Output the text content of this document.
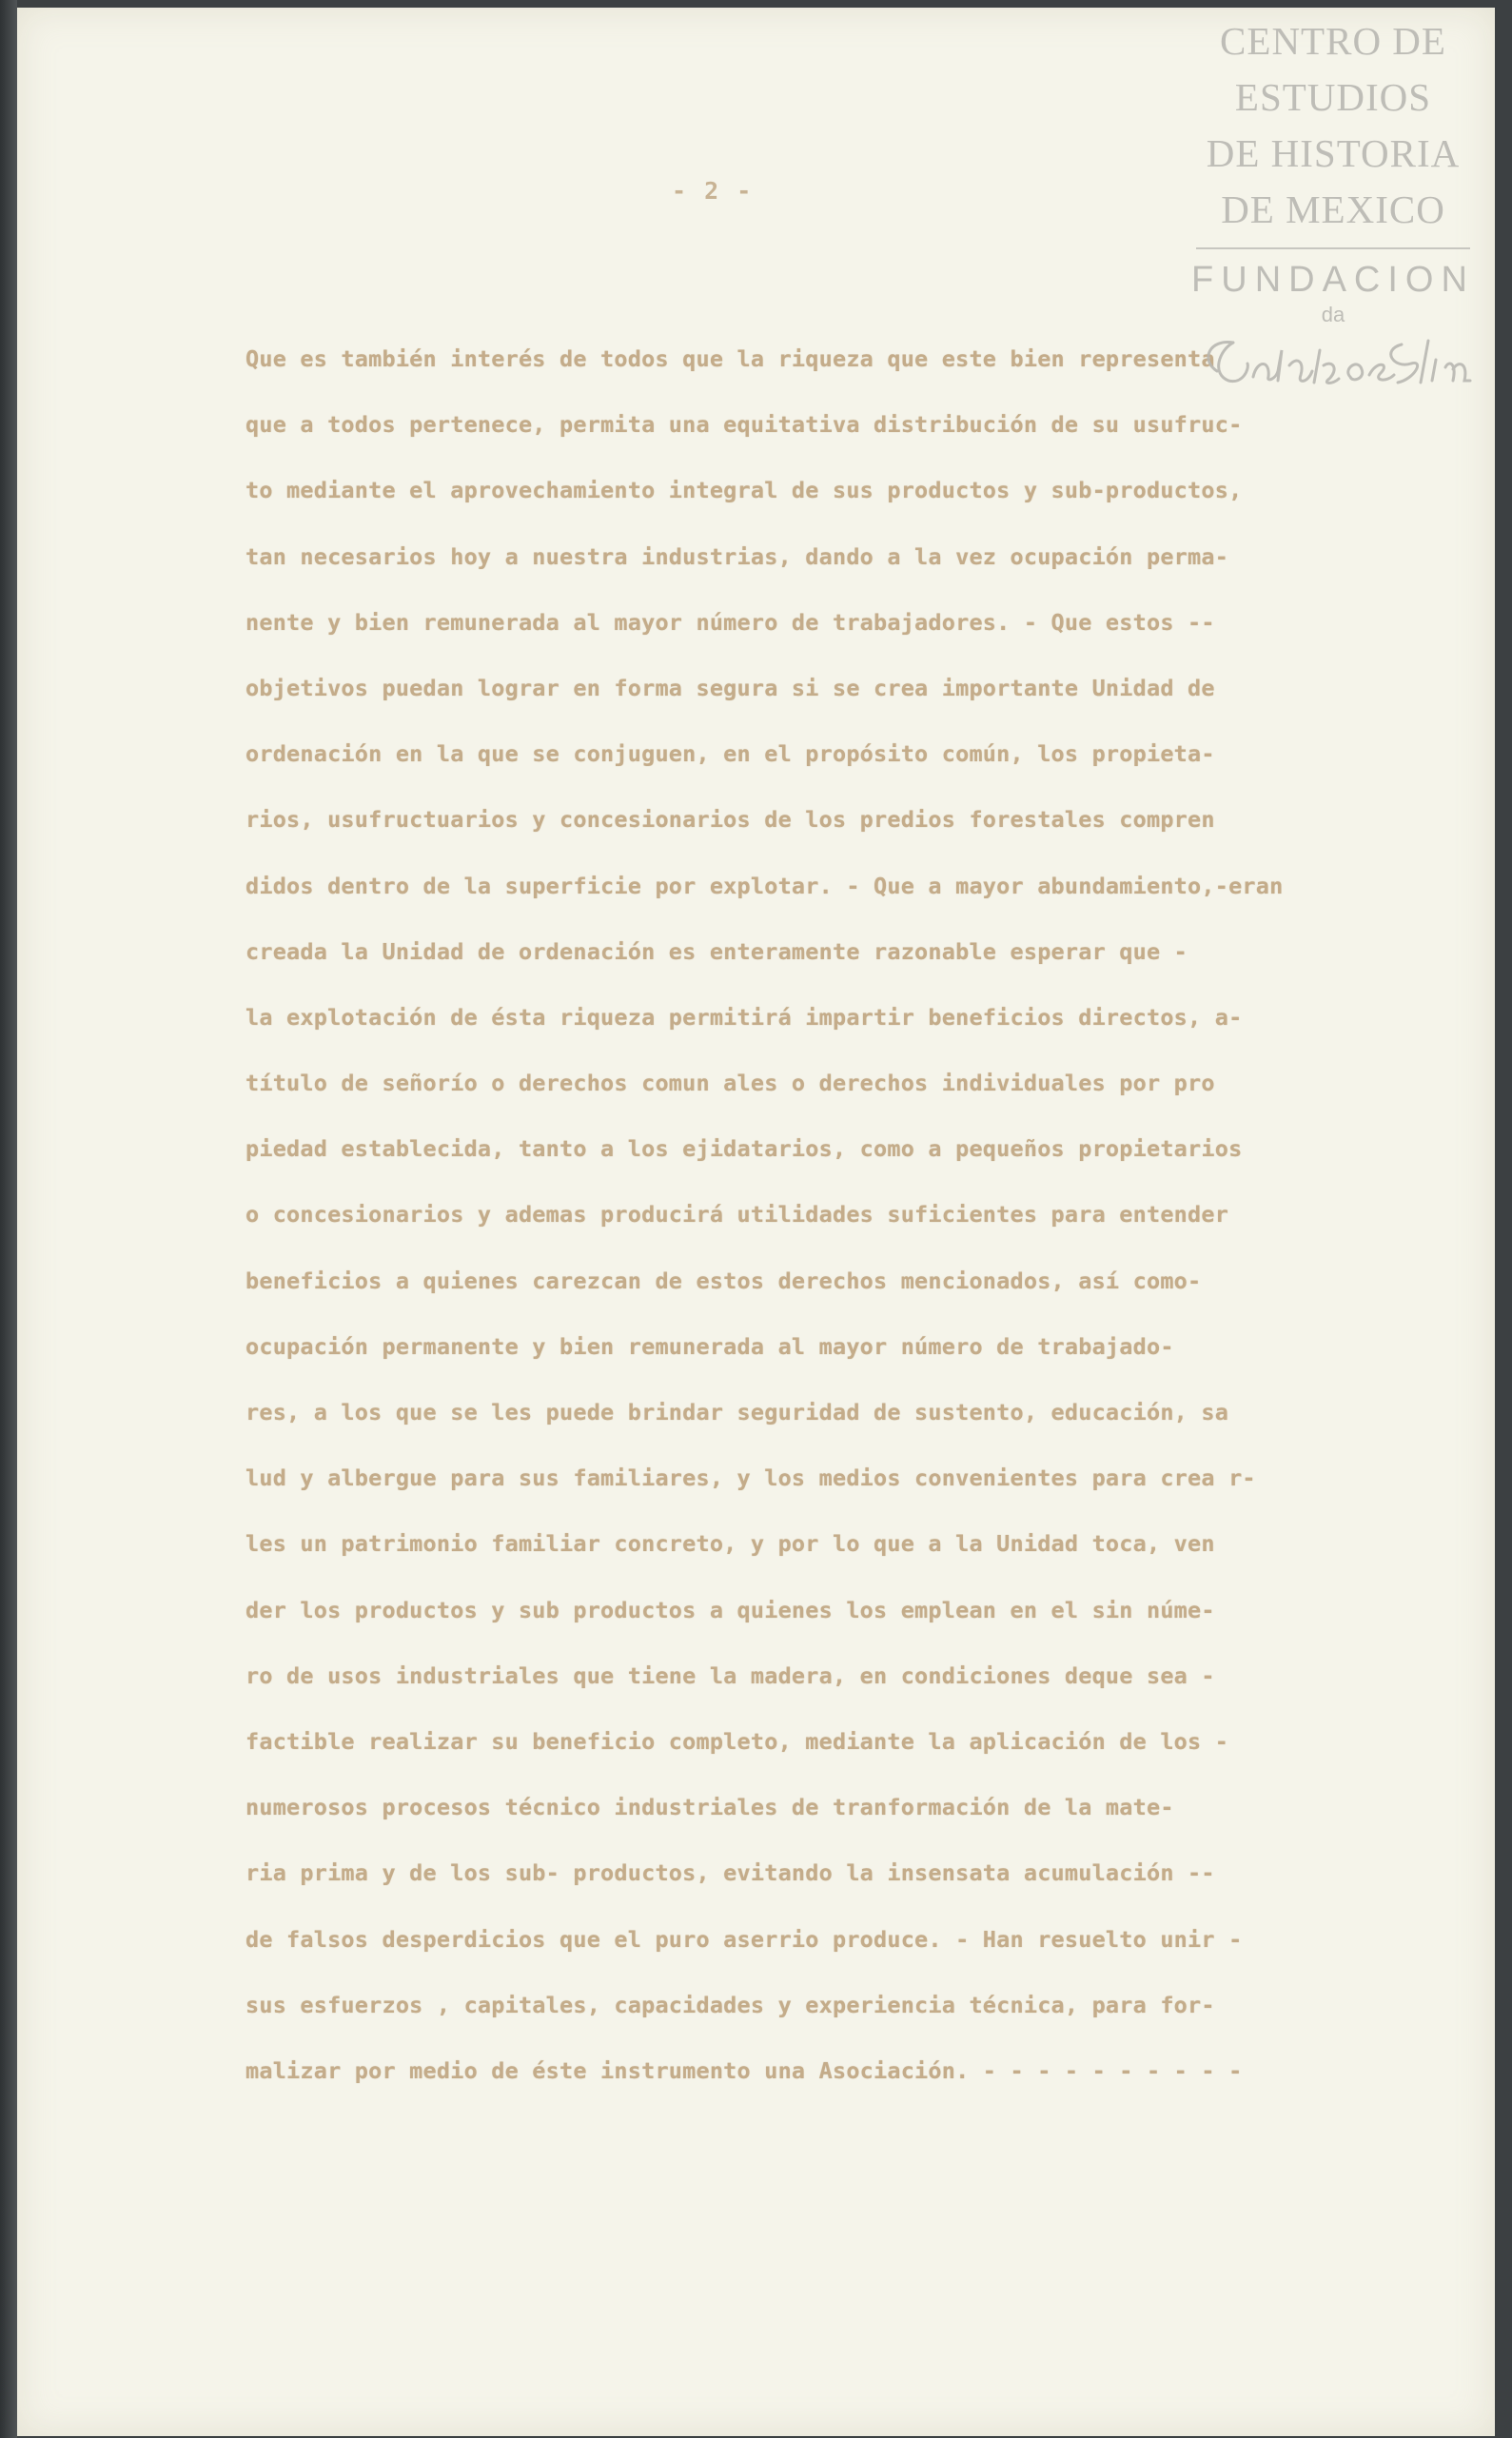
- 2 -
Que es también interés de todos que la riqueza que este bien representa
que a todos pertenece, permita una equitativa distribución de su usufruc-
to mediante el aprovechamiento integral de sus productos y sub-productos,
tan necesarios hoy a nuestra industrias, dando a la vez ocupación perma-
nente y bien remunerada al mayor número de trabajadores. - Que estos --
objetivos puedan lograr en forma segura si se crea importante Unidad de
ordenación en la que se conjuguen, en el propósito común, los propieta-
rios, usufructuarios y concesionarios de los predios forestales compren
didos dentro de la superficie por explotar. - Que a mayor abundamiento,-eran
creada la Unidad de ordenación es enteramente razonable esperar que -
la explotación de ésta riqueza permitirá impartir beneficios directos, a-
título de señorío o derechos comun ales o derechos individuales por pro
piedad establecida, tanto a los ejidatarios, como a pequeños propietarios
o concesionarios y ademas producirá utilidades suficientes para entender
beneficios a quienes carezcan de estos derechos mencionados, así como-
ocupación permanente y bien remunerada al mayor número de trabajado-
res, a los que se les puede brindar seguridad de sustento, educación, sa
lud y albergue para sus familiares, y los medios convenientes para crea r-
les un patrimonio familiar concreto, y por lo que a la Unidad toca, ven
der los productos y sub productos a quienes los emplean en el sin núme-
ro de usos industriales que tiene la madera, en condiciones deque sea -
factible realizar su beneficio completo, mediante la aplicación de los -
numerosos procesos técnico industriales de tranformación de la mate-
ria prima y de los sub- productos, evitando la insensata acumulación --
de falsos desperdicios que el puro aserrio produce. - Han resuelto unir -
sus esfuerzos , capitales, capacidades y experiencia técnica, para for-
malizar por medio de éste instrumento una Asociación. - - - - - - - - - -
CENTRO DE
ESTUDIOS
DE HISTORIA
DE MEXICO
FUNDACION
da
